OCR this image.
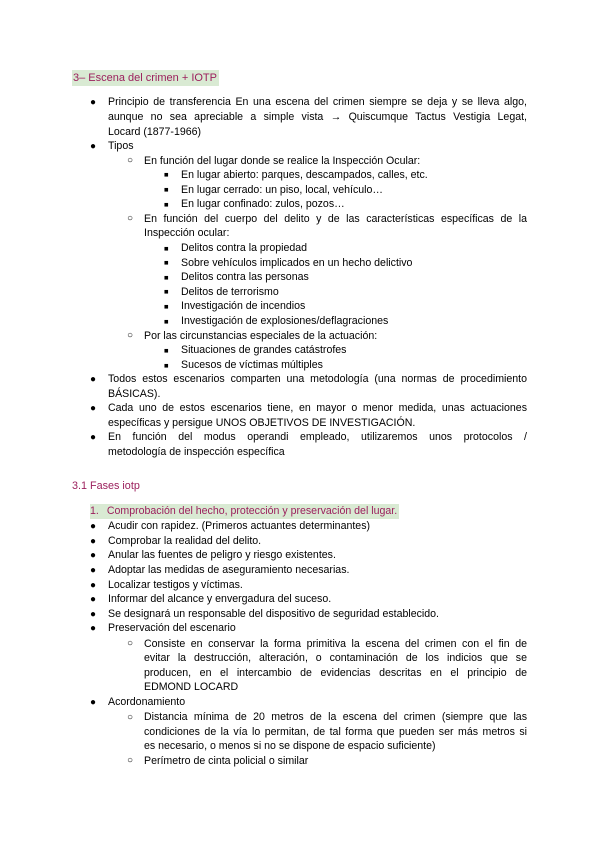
3– Escena del crimen + IOTP
●
Principio de transferencia En una escena del crimen siempre se deja y se lleva algo,
aunque no sea apreciable a simple vista → Quiscumque Tactus Vestigia Legat,
Locard (1877-1966)
●
Tipos
○
En función del lugar donde se realice la Inspección Ocular:
■
En lugar abierto: parques, descampados, calles, etc.
■
En lugar cerrado: un piso, local, vehículo…
■
En lugar confinado: zulos, pozos…
○
En función del cuerpo del delito y de las características específicas de la
Inspección ocular:
■
Delitos contra la propiedad
■
Sobre vehículos implicados en un hecho delictivo
■
Delitos contra las personas
■
Delitos de terrorismo
■
Investigación de incendios
■
Investigación de explosiones/deflagraciones
○
Por las circunstancias especiales de la actuación:
■
Situaciones de grandes catástrofes
■
Sucesos de víctimas múltiples
●
Todos estos escenarios comparten una metodología (una normas de procedimiento
BÁSICAS).
●
Cada uno de estos escenarios tiene, en mayor o menor medida, unas actuaciones
específicas y persigue UNOS OBJETIVOS DE INVESTIGACIÓN.
●
En función del modus operandi empleado, utilizaremos unos protocolos /
metodología de inspección específica
3.1 Fases iotp
1. Comprobación del hecho, protección y preservación del lugar.
●
Acudir con rapidez. (Primeros actuantes determinantes)
●
Comprobar la realidad del delito.
●
Anular las fuentes de peligro y riesgo existentes.
●
Adoptar las medidas de aseguramiento necesarias.
●
Localizar testigos y víctimas.
●
Informar del alcance y envergadura del suceso.
●
Se designará un responsable del dispositivo de seguridad establecido.
●
Preservación del escenario
○
Consiste en conservar la forma primitiva la escena del crimen con el fin de
evitar la destrucción, alteración, o contaminación de los indicios que se
producen, en el intercambio de evidencias descritas en el principio de
EDMOND LOCARD
●
Acordonamiento
○
Distancia mínima de 20 metros de la escena del crimen (siempre que las
condiciones de la vía lo permitan, de tal forma que pueden ser más metros si
es necesario, o menos si no se dispone de espacio suficiente)
○
Perímetro de cinta policial o similar
